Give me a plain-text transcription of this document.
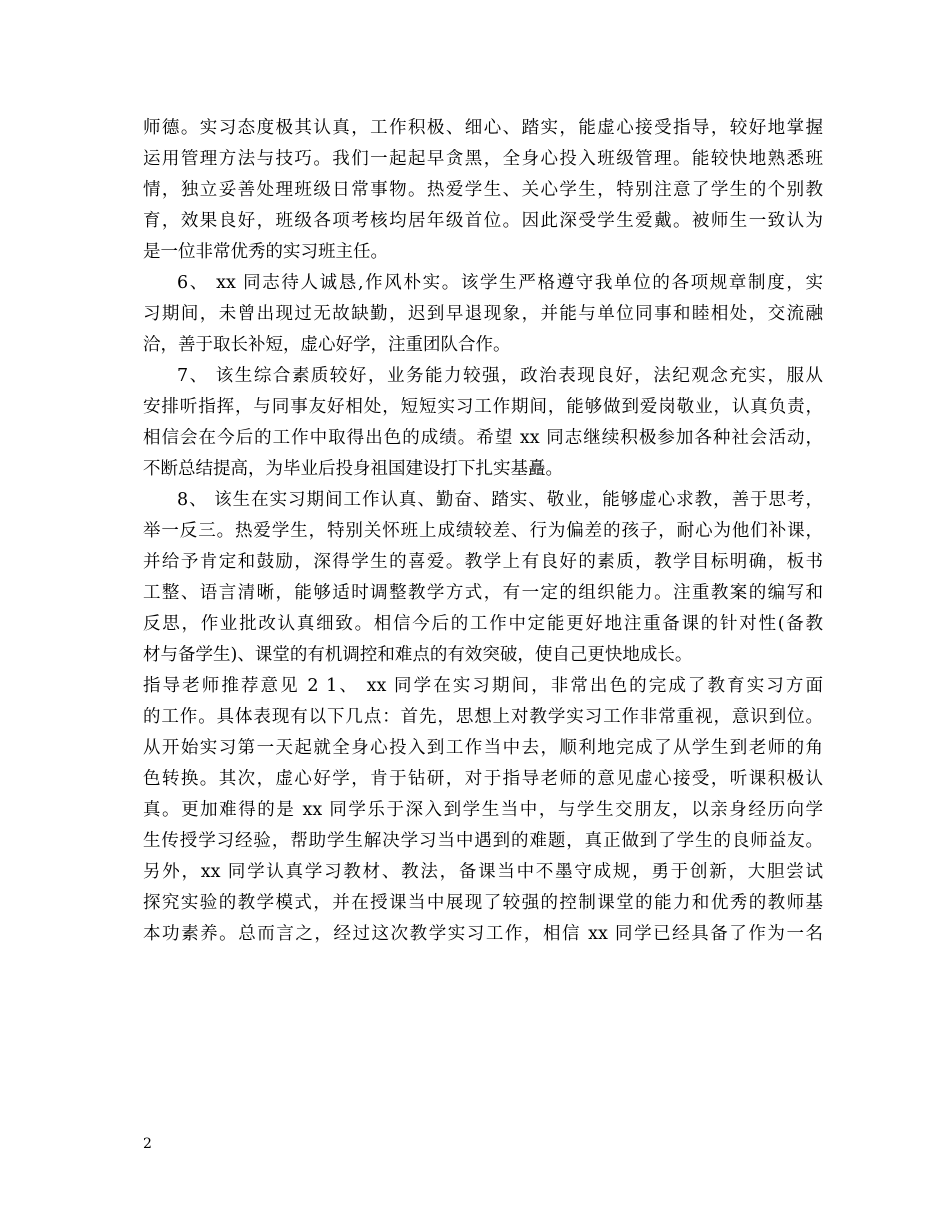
师德。实习态度极其认真，工作积极、细心、踏实，能虚心接受指导，较好地掌握
运用管理方法与技巧。我们一起起早贪黑，全身心投入班级管理。能较快地熟悉班
情，独立妥善处理班级日常事物。热爱学生、关心学生，特别注意了学生的个别教
育，效果良好，班级各项考核均居年级首位。因此深受学生爱戴。被师生一致认为
是一位非常优秀的实习班主任。
6、 xx 同志待人诚恳,作风朴实。该学生严格遵守我单位的各项规章制度，实
习期间，未曾出现过无故缺勤，迟到早退现象，并能与单位同事和睦相处，交流融
洽，善于取长补短，虚心好学，注重团队合作。
7、 该生综合素质较好，业务能力较强，政治表现良好，法纪观念充实，服从
安排听指挥，与同事友好相处，短短实习工作期间，能够做到爱岗敬业，认真负责，
相信会在今后的工作中取得出色的成绩。希望 xx 同志继续积极参加各种社会活动，
不断总结提高，为毕业后投身祖国建设打下扎实基矗。
8、 该生在实习期间工作认真、勤奋、踏实、敬业，能够虚心求教，善于思考，
举一反三。热爱学生，特别关怀班上成绩较差、行为偏差的孩子，耐心为他们补课，
并给予肯定和鼓励，深得学生的喜爱。教学上有良好的素质，教学目标明确，板书
工整、语言清晰，能够适时调整教学方式，有一定的组织能力。注重教案的编写和
反思，作业批改认真细致。相信今后的工作中定能更好地注重备课的针对性(备教
材与备学生)、课堂的有机调控和难点的有效突破，使自己更快地成长。
指导老师推荐意见 2 1、 xx 同学在实习期间，非常出色的完成了教育实习方面
的工作。具体表现有以下几点：首先，思想上对教学实习工作非常重视，意识到位。
从开始实习第一天起就全身心投入到工作当中去，顺利地完成了从学生到老师的角
色转换。其次，虚心好学，肯于钻研，对于指导老师的意见虚心接受，听课积极认
真。更加难得的是 xx 同学乐于深入到学生当中，与学生交朋友，以亲身经历向学
生传授学习经验，帮助学生解决学习当中遇到的难题，真正做到了学生的良师益友。
另外，xx 同学认真学习教材、教法，备课当中不墨守成规，勇于创新，大胆尝试
探究实验的教学模式，并在授课当中展现了较强的控制课堂的能力和优秀的教师基
本功素养。总而言之，经过这次教学实习工作，相信 xx 同学已经具备了作为一名
2
